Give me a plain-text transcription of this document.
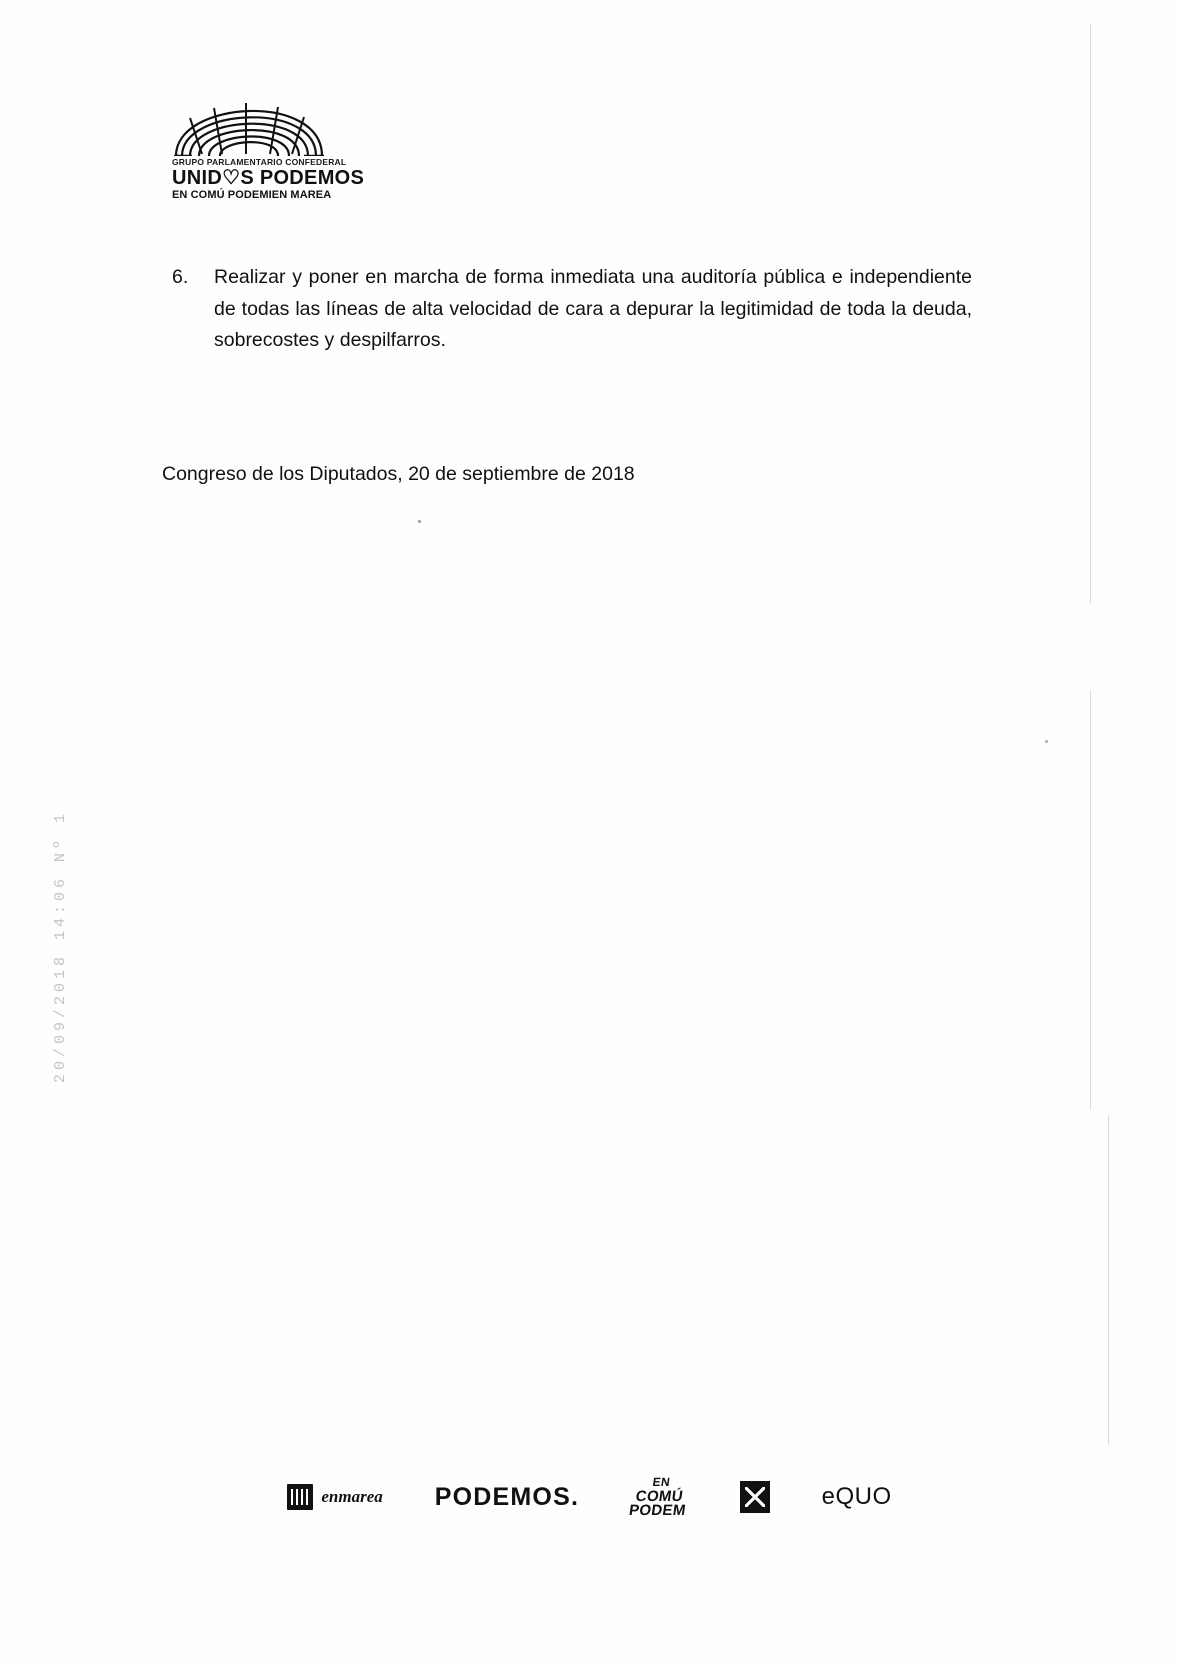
GRUPO PARLAMENTARIO CONFEDERAL
UNID♡S PODEMOS
EN COMÚ PODEMIEN MAREA
6.	Realizar y poner en marcha de forma inmediata una auditoría pública e independiente de todas las líneas de alta velocidad de cara a depurar la legitimidad de toda la deuda, sobrecostes y despilfarros.
Congreso de los Diputados, 20 de septiembre de 2018
20/09/2018 14:06 Nº 1
enmarea PODEMOS.
EN
COMÚ
PODEM
eQUO
